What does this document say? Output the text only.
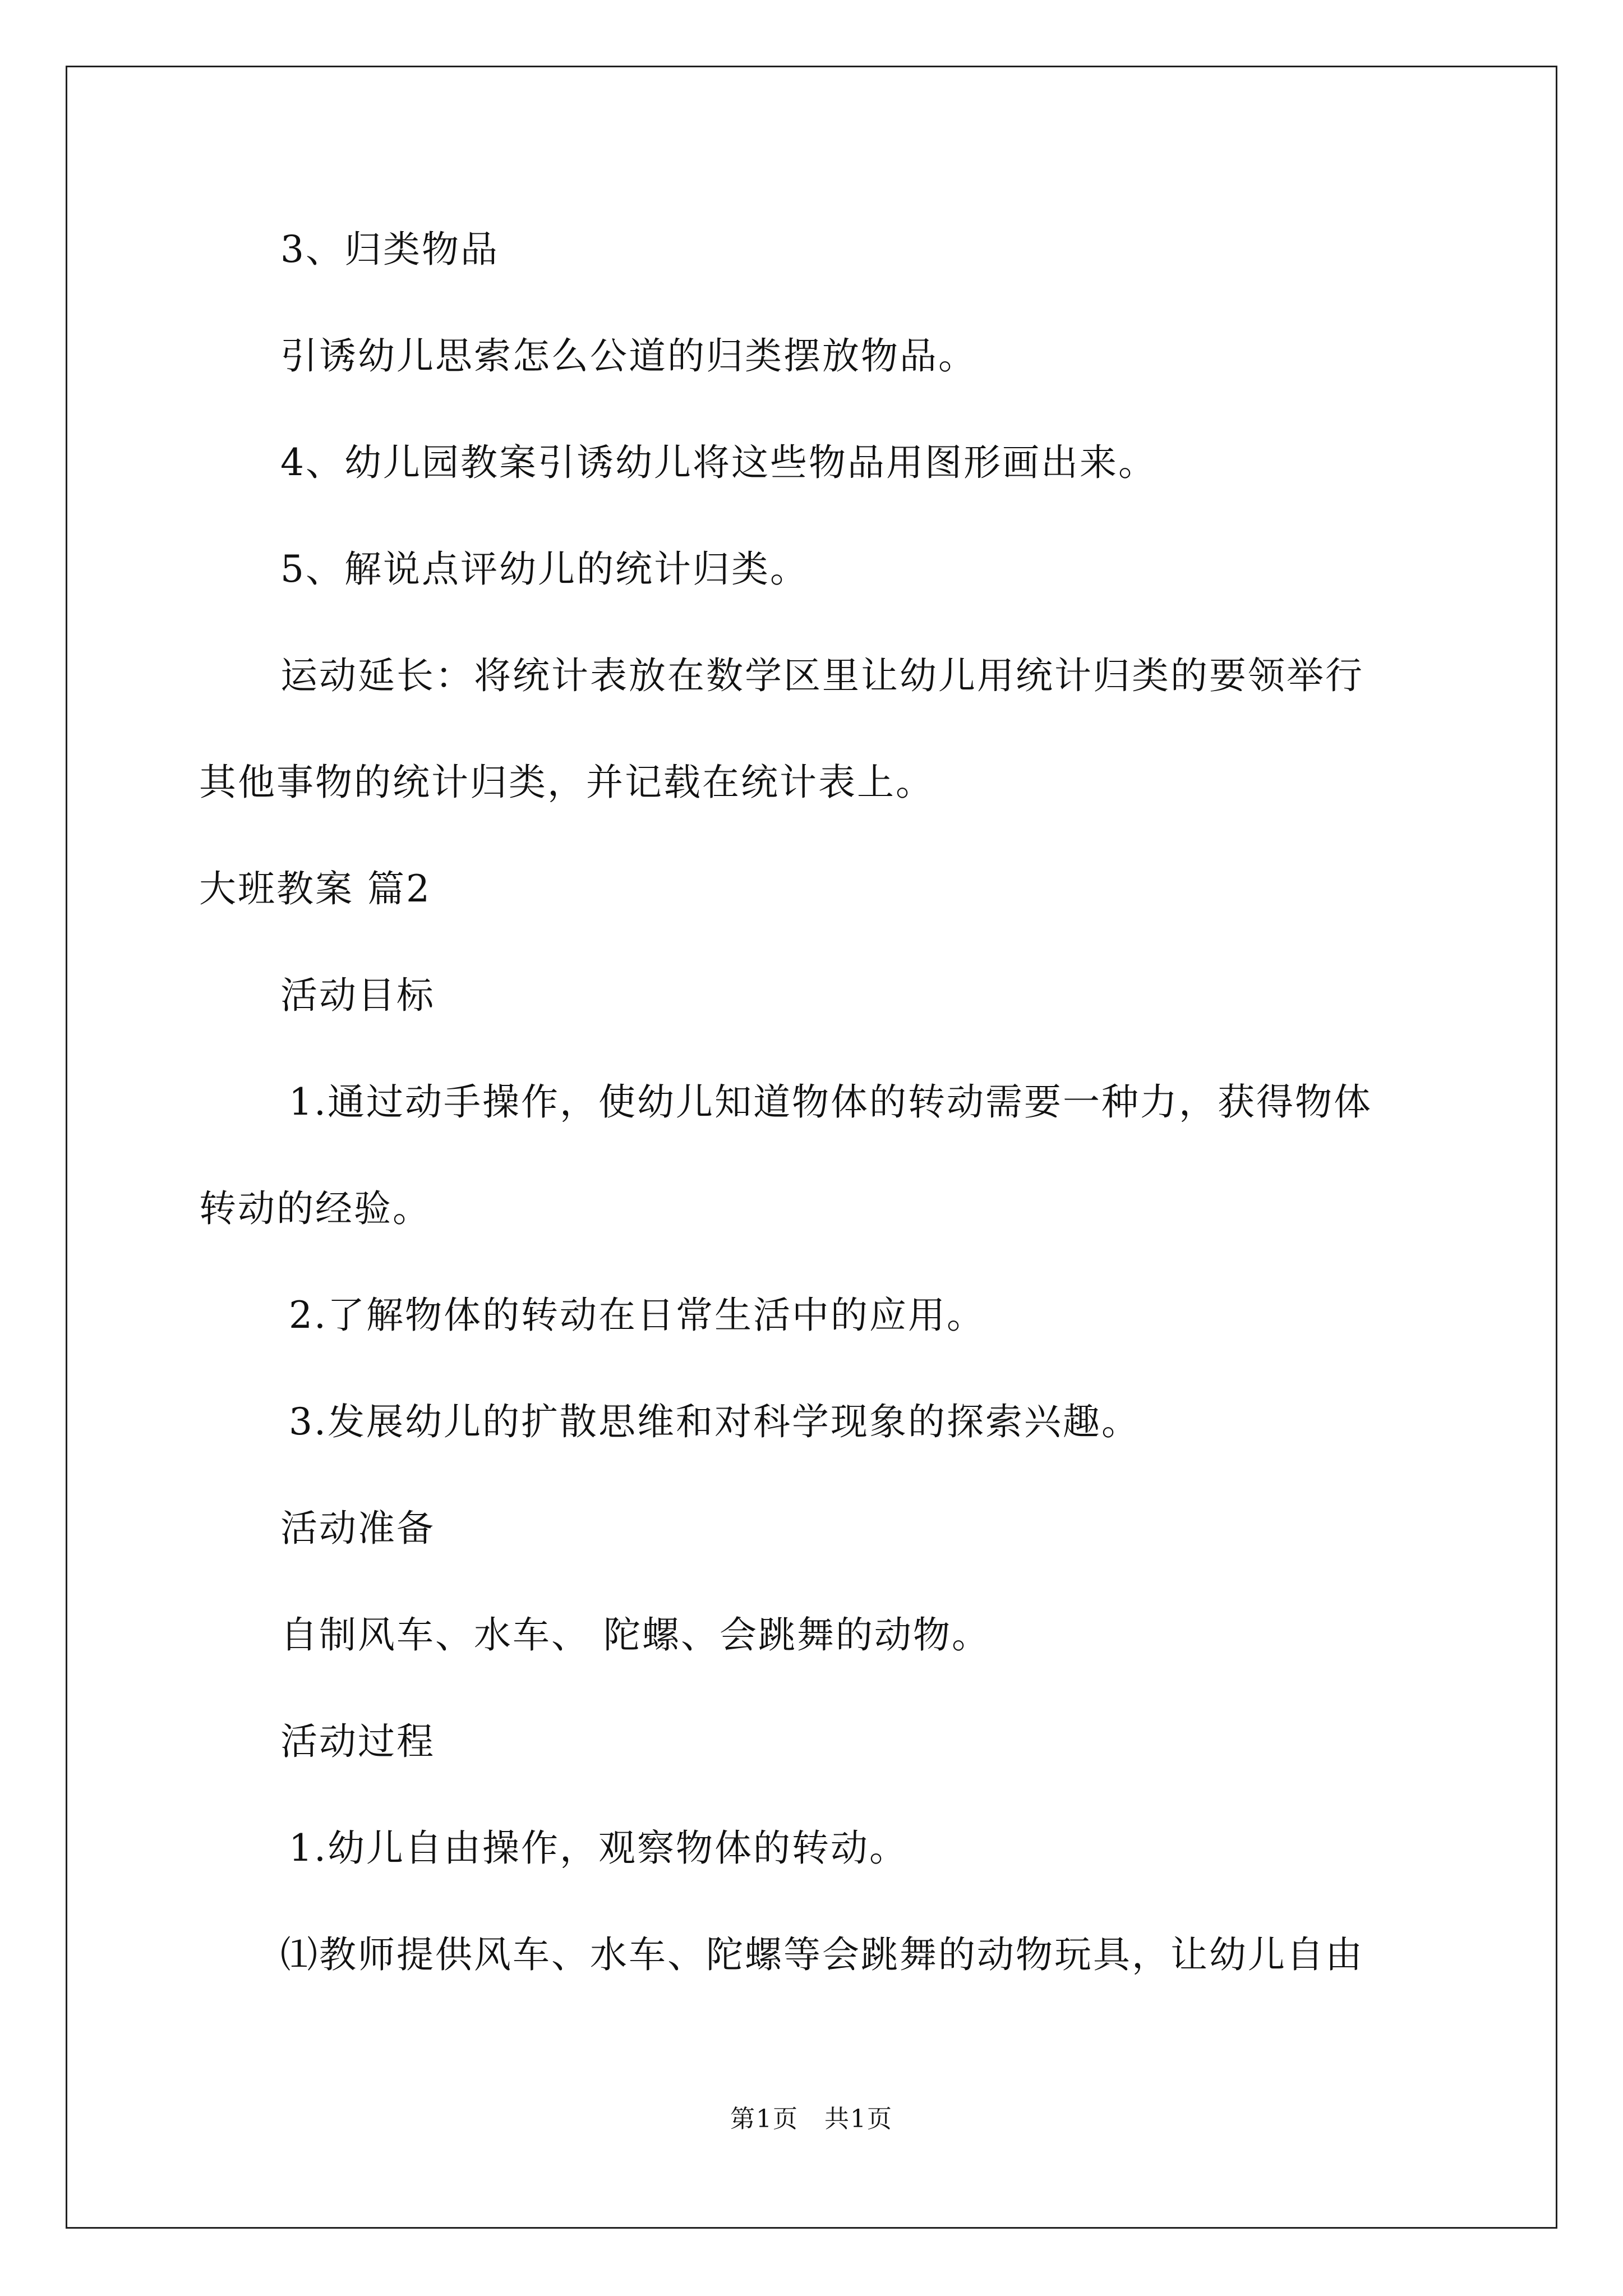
3、归类物品
引诱幼儿思索怎么公道的归类摆放物品。
4、幼儿园教案引诱幼儿将这些物品用图形画出来。
5、解说点评幼儿的统计归类。
运动延长：将统计表放在数学区里让幼儿用统计归类的要领举行
其他事物的统计归类，并记载在统计表上。
大班教案 篇2
活动目标
1.通过动手操作，使幼儿知道物体的转动需要一种力，获得物体
转动的经验。
2.了解物体的转动在日常生活中的应用。
3.发展幼儿的扩散思维和对科学现象的探索兴趣。
活动准备
自制风车、水车、 陀螺、会跳舞的动物。
活动过程
1.幼儿自由操作，观察物体的转动。
⑴教师提供风车、水车、陀螺等会跳舞的动物玩具，让幼儿自由
第1页　共1页
